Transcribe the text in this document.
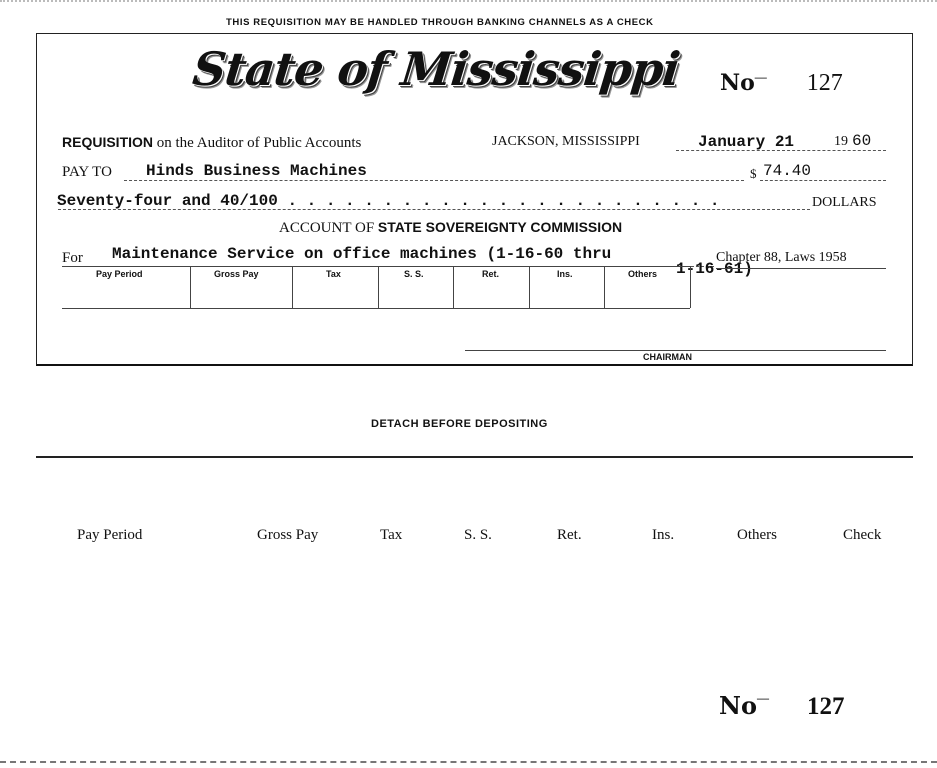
THIS REQUISITION MAY BE HANDLED THROUGH BANKING CHANNELS AS A CHECK
State of Mississippi No— 127
REQUISITION on the Auditor of Public Accounts	JACKSON, MISSISSIPPI	January 21	19 60
PAY TO Hinds Business Machines	$ 74.40
Seventy-four and 40/100 . . . . . . . . . . . . . . . . . . . . . . .	DOLLARS
ACCOUNT OF STATE SOVEREIGNTY COMMISSION
For Maintenance Service on office machines (1-16-60 thru
1-16-61)
Chapter 88, Laws 1958
Pay Period	Gross Pay	Tax	S. S.	Ret.	Ins.	Others
CHAIRMAN
DETACH BEFORE DEPOSITING
Pay Period	Gross Pay	Tax	S. S.	Ret.	Ins.	Others	Check
No— 127
